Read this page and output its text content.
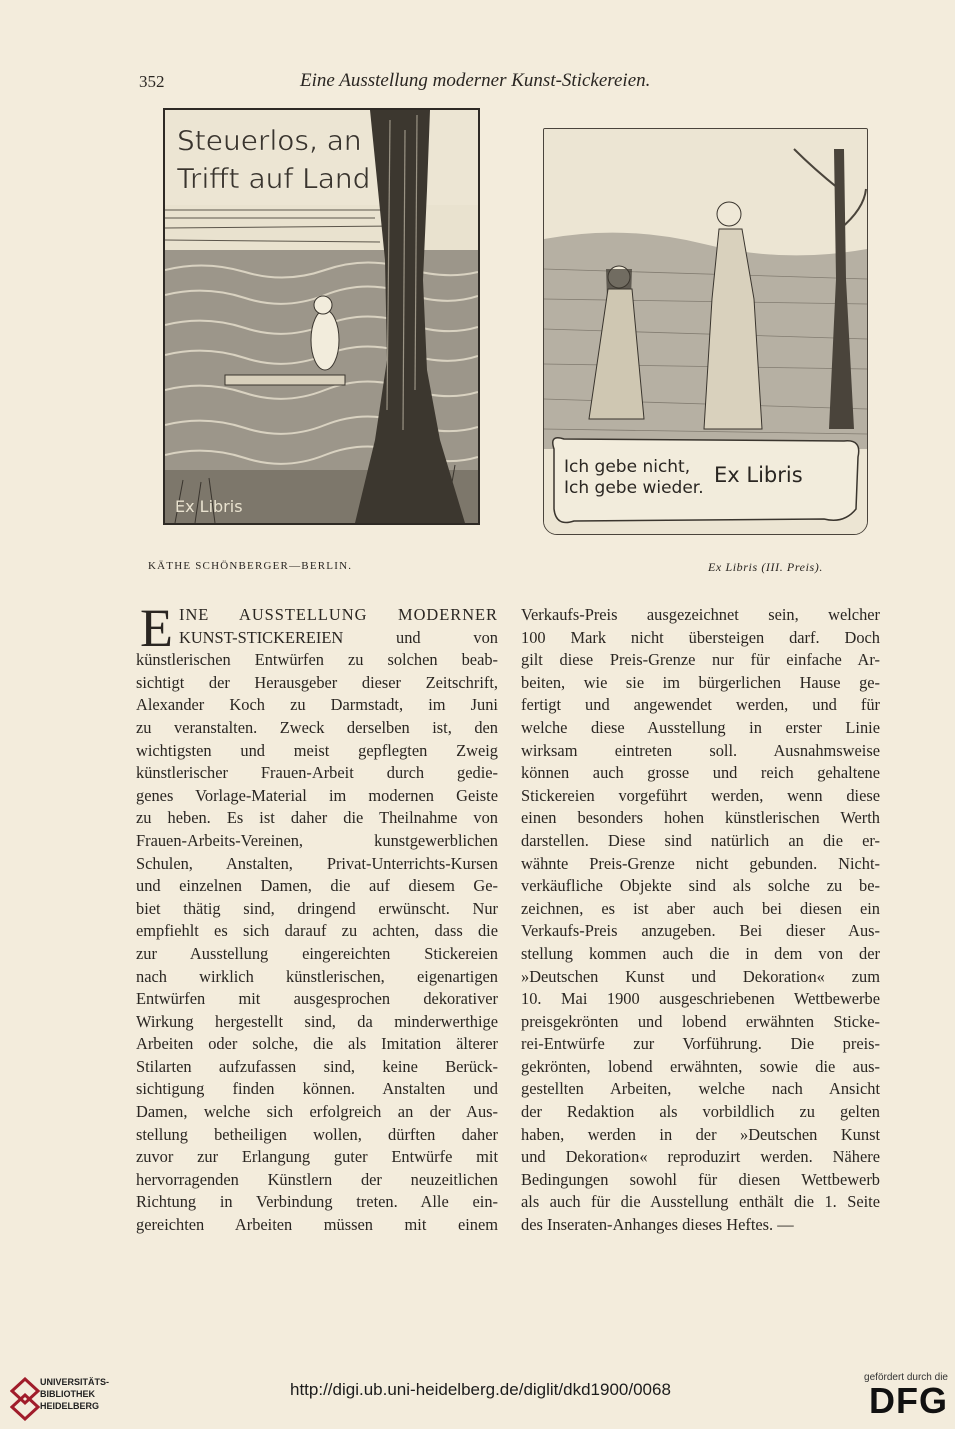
352	Eine Ausstellung moderner Kunst-Stickereien.
Steuerlos, an
Trifft auf Land
Ex Libris
Ich gebe nicht,
Ich gebe wieder.
Ex Libris
KÄTHE SCHÖNBERGER—BERLIN.	Ex Libris (III. Preis).
E INE AUSSTELLUNG MODERNER
KUNST-STICKEREIEN und von
künstlerischen Entwürfen zu solchen beab-
sichtigt der Herausgeber dieser Zeitschrift,
Alexander Koch zu Darmstadt, im Juni
zu veranstalten. Zweck derselben ist, den
wichtigsten und meist gepflegten Zweig
künstlerischer Frauen-Arbeit durch gedie-
genes Vorlage-Material im modernen Geiste
zu heben. Es ist daher die Theilnahme von
Frauen-Arbeits-Vereinen, kunstgewerblichen
Schulen, Anstalten, Privat-Unterrichts-Kursen
und einzelnen Damen, die auf diesem Ge-
biet thätig sind, dringend erwünscht. Nur
empfiehlt es sich darauf zu achten, dass die
zur Ausstellung eingereichten Stickereien
nach wirklich künstlerischen, eigenartigen
Entwürfen mit ausgesprochen dekorativer
Wirkung hergestellt sind, da minderwerthige
Arbeiten oder solche, die als Imitation älterer
Stilarten aufzufassen sind, keine Berück-
sichtigung finden können. Anstalten und
Damen, welche sich erfolgreich an der Aus-
stellung betheiligen wollen, dürften daher
zuvor zur Erlangung guter Entwürfe mit
hervorragenden Künstlern der neuzeitlichen
Richtung in Verbindung treten. Alle ein-
gereichten Arbeiten müssen mit einem
Verkaufs-Preis ausgezeichnet sein, welcher
100 Mark nicht übersteigen darf. Doch
gilt diese Preis-Grenze nur für einfache Ar-
beiten, wie sie im bürgerlichen Hause ge-
fertigt und angewendet werden, und für
welche diese Ausstellung in erster Linie
wirksam eintreten soll. Ausnahmsweise
können auch grosse und reich gehaltene
Stickereien vorgeführt werden, wenn diese
einen besonders hohen künstlerischen Werth
darstellen. Diese sind natürlich an die er-
wähnte Preis-Grenze nicht gebunden. Nicht-
verkäufliche Objekte sind als solche zu be-
zeichnen, es ist aber auch bei diesen ein
Verkaufs-Preis anzugeben. Bei dieser Aus-
stellung kommen auch die in dem von der
»Deutschen Kunst und Dekoration« zum
10. Mai 1900 ausgeschriebenen Wettbewerbe
preisgekrönten und lobend erwähnten Sticke-
rei-Entwürfe zur Vorführung. Die preis-
gekrönten, lobend erwähnten, sowie die aus-
gestellten Arbeiten, welche nach Ansicht
der Redaktion als vorbildlich zu gelten
haben, werden in der »Deutschen Kunst
und Dekoration« reproduzirt werden. Nähere
Bedingungen sowohl für diesen Wettbewerb
als auch für die Ausstellung enthält die 1. Seite
des Inseraten-Anhanges dieses Heftes. —
UNIVERSITÄTS-
BIBLIOTHEK
HEIDELBERG
http://digi.ub.uni-heidelberg.de/diglit/dkd1900/0068
gefördert durch die
DFG
